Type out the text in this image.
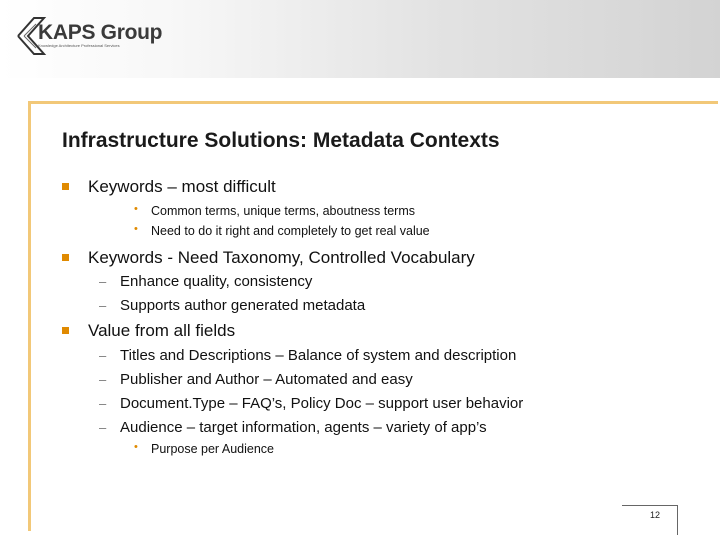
KAPS Group
Knowledge Architecture Professional Services
Infrastructure Solutions: Metadata Contexts
Keywords – most difficult
• Common terms, unique terms, aboutness terms
• Need to do it right and completely to get real value
Keywords - Need Taxonomy, Controlled Vocabulary
– Enhance quality, consistency
– Supports author generated metadata
Value from all fields
– Titles and Descriptions – Balance of system and description
– Publisher and Author – Automated and easy
– Document.Type – FAQ’s, Policy Doc – support user behavior
– Audience – target information, agents – variety of app’s
• Purpose per Audience
12
